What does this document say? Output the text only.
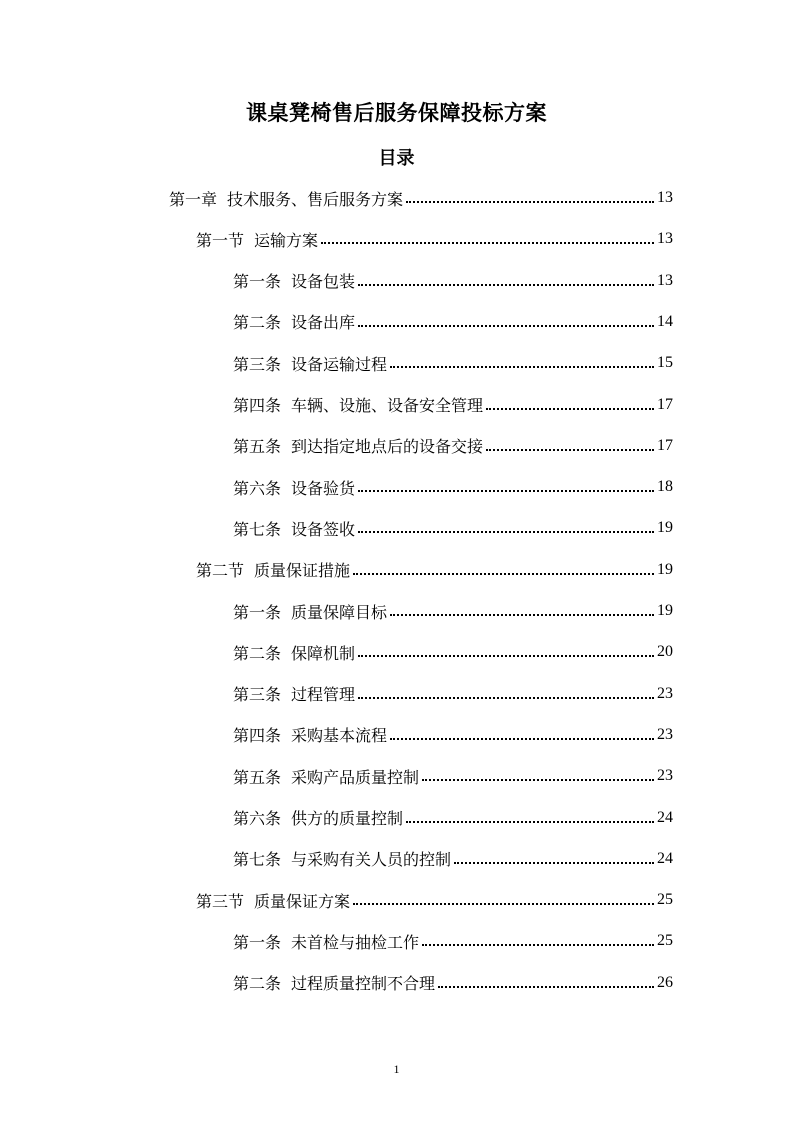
课桌凳椅售后服务保障投标方案
目录
第一章 技术服务、售后服务方案	13
第一节 运输方案	13
第一条 设备包装	13
第二条 设备出库	14
第三条 设备运输过程	15
第四条 车辆、设施、设备安全管理	17
第五条 到达指定地点后的设备交接	17
第六条 设备验货	18
第七条 设备签收	19
第二节 质量保证措施	19
第一条 质量保障目标	19
第二条 保障机制	20
第三条 过程管理	23
第四条 采购基本流程	23
第五条 采购产品质量控制	23
第六条 供方的质量控制	24
第七条 与采购有关人员的控制	24
第三节 质量保证方案	25
第一条 未首检与抽检工作	25
第二条 过程质量控制不合理	26
1
